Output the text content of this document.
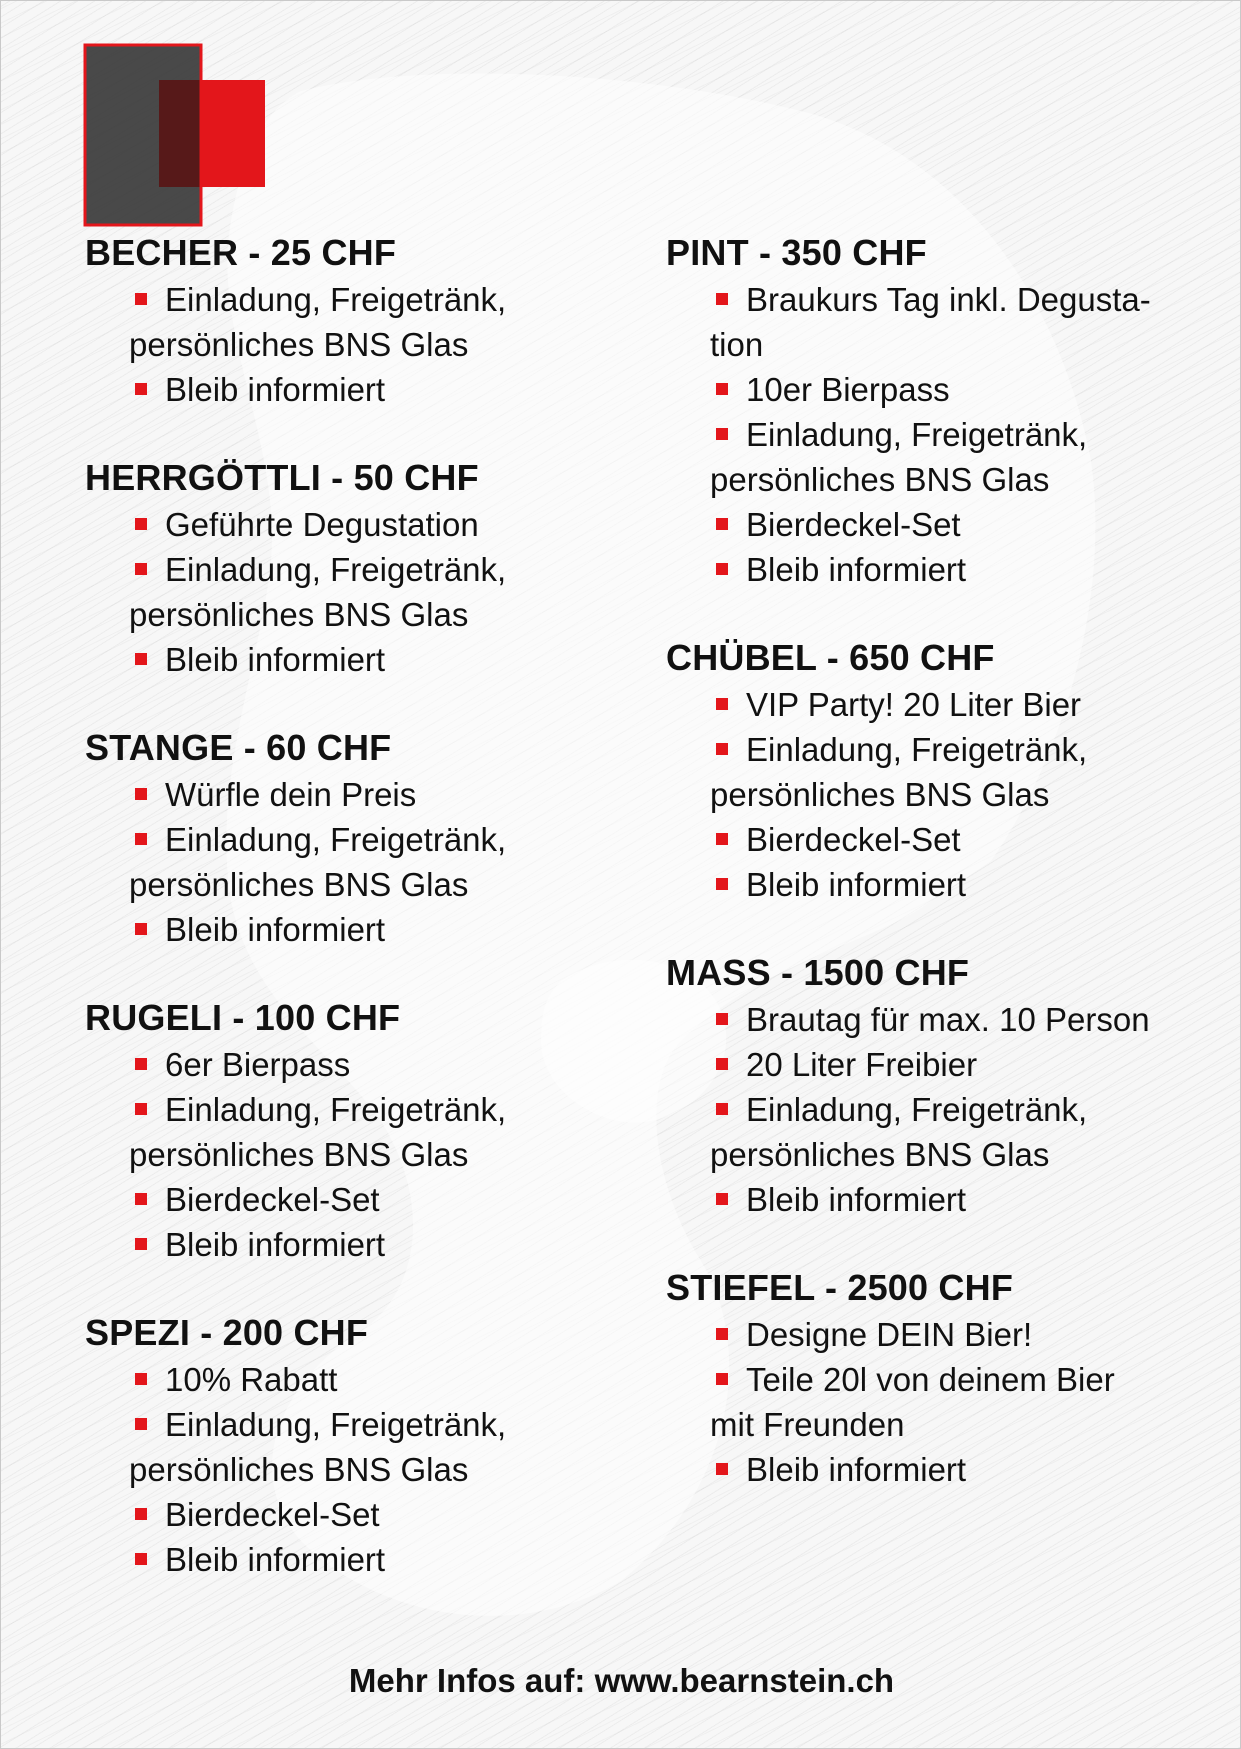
BECHER - 25 CHF
Einladung, Freigetränk,
persönliches BNS Glas
Bleib informiert
HERRGÖTTLI - 50 CHF
Geführte Degustation
Einladung, Freigetränk,
persönliches BNS Glas
Bleib informiert
STANGE - 60 CHF
Würfle dein Preis
Einladung, Freigetränk,
persönliches BNS Glas
Bleib informiert
RUGELI - 100 CHF
6er Bierpass
Einladung, Freigetränk,
persönliches BNS Glas
Bierdeckel-Set
Bleib informiert
SPEZI - 200 CHF
10% Rabatt
Einladung, Freigetränk,
persönliches BNS Glas
Bierdeckel-Set
Bleib informiert
PINT - 350 CHF
Braukurs Tag inkl. Degusta-
tion
10er Bierpass
Einladung, Freigetränk,
persönliches BNS Glas
Bierdeckel-Set
Bleib informiert
CHÜBEL - 650 CHF
VIP Party! 20 Liter Bier
Einladung, Freigetränk,
persönliches BNS Glas
Bierdeckel-Set
Bleib informiert
MASS - 1500 CHF
Brautag für max. 10 Person
20 Liter Freibier
Einladung, Freigetränk,
persönliches BNS Glas
Bleib informiert
STIEFEL - 2500 CHF
Designe DEIN Bier!
Teile 20l von deinem Bier
mit Freunden
Bleib informiert
Mehr Infos auf: www.bearnstein.ch
